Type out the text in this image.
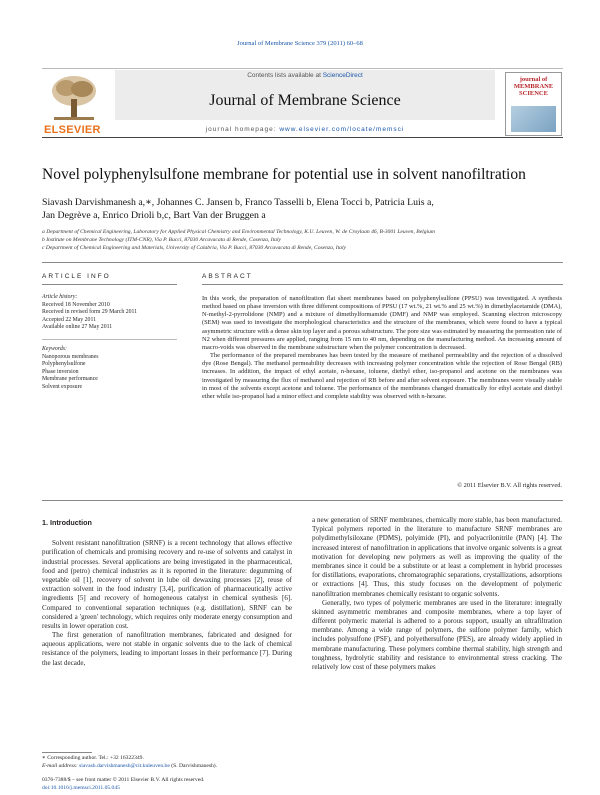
Journal of Membrane Science 379 (2011) 60–68
ELSEVIER
Contents lists available at ScienceDirect
Journal of Membrane Science
journal homepage: www.elsevier.com/locate/memsci
journal of MEMBRANE SCIENCE
Novel polyphenylsulfone membrane for potential use in solvent nanofiltration
Siavash Darvishmanesh a,∗, Johannes C. Jansen b, Franco Tasselli b, Elena Tocci b, Patricia Luis a,
Jan Degrève a, Enrico Drioli b,c, Bart Van der Bruggen a
a Department of Chemical Engineering, Laboratory for Applied Physical Chemistry and Environmental Technology, K.U. Leuven, W. de Croylaan 46, B-3001 Leuven, Belgium
b Institute on Membrane Technology (ITM-CNR), Via P. Bucci, 87030 Arcavacata di Rende, Cosenza, Italy
c Department of Chemical Engineering and Materials, University of Calabria, Via P. Bucci, 87030 Arcavacata di Rende, Cosenza, Italy
ARTICLE INFO
Article history:
Received 18 November 2010
Received in revised form 29 March 2011
Accepted 22 May 2011
Available online 27 May 2011
Keywords:
Nanoporous membranes
Polyphenylsulfone
Phase inversion
Membrane performance
Solvent exposure
ABSTRACT

In this work, the preparation of nanofiltration flat sheet membranes based on polyphenylsulfone (PPSU) was investigated. A synthesis method based on phase inversion with three different compositions of PPSU (17 wt.%, 21 wt.% and 25 wt.%) in dimethylacetamide (DMA), N-methyl-2-pyrrolidone (NMP) and a mixture of dimethylformamide (DMF) and NMP was employed. Scanning electron microscopy (SEM) was used to investigate the morphological characteristics and the structure of the membranes, which were found to have a typical asymmetric structure with a dense skin top layer and a porous substructure. The pore size was estimated by measuring the permeation rate of N2 when different pressures are applied, ranging from 15 nm to 40 nm, depending on the manufacturing method. An increasing amount of macro-voids was observed in the membrane substructure when the polymer concentration is decreased.

The performance of the prepared membranes has been tested by the measure of methanol permeability and the rejection of a dissolved dye (Rose Bengal). The methanol permeability decreases with increasing polymer concentration while the rejection of Rose Bengal (RB) increases. In addition, the impact of ethyl acetate, n-hexane, toluene, diethyl ether, iso-propanol and acetone on the membranes was investigated by measuring the flux of methanol and rejection of RB before and after solvent exposure. The membranes were visually stable in most of the solvents except acetone and toluene. The performance of the membranes changed dramatically for ethyl acetate and diethyl ether while iso-propanol had a minor effect and complete stability was observed with n-hexane.

© 2011 Elsevier B.V. All rights reserved.
1. Introduction

Solvent resistant nanofiltration (SRNF) is a recent technology that allows effective purification of chemicals and promising recovery and re-use of solvents and catalyst in industrial processes. Several applications are being investigated in the pharmaceutical, food and (petro) chemical industries as it is reported in the literature: degumming of vegetable oil [1], recovery of solvent in lube oil dewaxing processes [2], reuse of extraction solvent in the food industry [3,4], purification of pharmaceutically active ingredients [5] and recovery of homogeneous catalyst in chemical synthesis [6]. Compared to conventional separation techniques (e.g. distillation), SRNF can be considered a 'green' technology, which requires only moderate energy consumption and results in lower operation cost.

The first generation of nanofiltration membranes, fabricated and designed for aqueous applications, were not stable in organic solvents due to the lack of chemical resistance of the polymers, leading to important losses in their performance [7]. During the last decade,

a new generation of SRNF membranes, chemically more stable, has been manufactured. Typical polymers reported in the literature to manufacture SRNF membranes are polydimethylsiloxane (PDMS), polyimide (PI), and polyacrilonitrile (PAN) [4]. The increased interest of nanofiltration in applications that involve organic solvents is a great motivation for developing new polymers as well as improving the quality of the membranes since it could be a substitute or at least a complement in hybrid processes for distillations, evaporations, chromatographic separations, crystallizations, adsorptions or extractions [4]. Thus, this study focuses on the development of polymeric nanofiltration membranes chemically resistant to organic solvents.

Generally, two types of polymeric membranes are used in the literature: integrally skinned asymmetric membranes and composite membranes, where a top layer of different polymeric material is adhered to a porous support, usually an ultrafiltration membrane. Among a wide range of polymers, the sulfone polymer family, which includes polysulfone (PSF), and polyethersulfone (PES), are already widely applied in membrane manufacturing. These polymers combine thermal stability, high strength and toughness, hydrolytic stability and resistance to environmental stress cracking. The relatively low cost of these polymers makes

∗ Corresponding author. Tel.: +32 16322349.
E-mail address: siavash.darvishmanesh@cit.kuleuven.be (S. Darvishmanesh).
0376-7388/$ – see front matter © 2011 Elsevier B.V. All rights reserved.
doi:10.1016/j.memsci.2011.05.045
